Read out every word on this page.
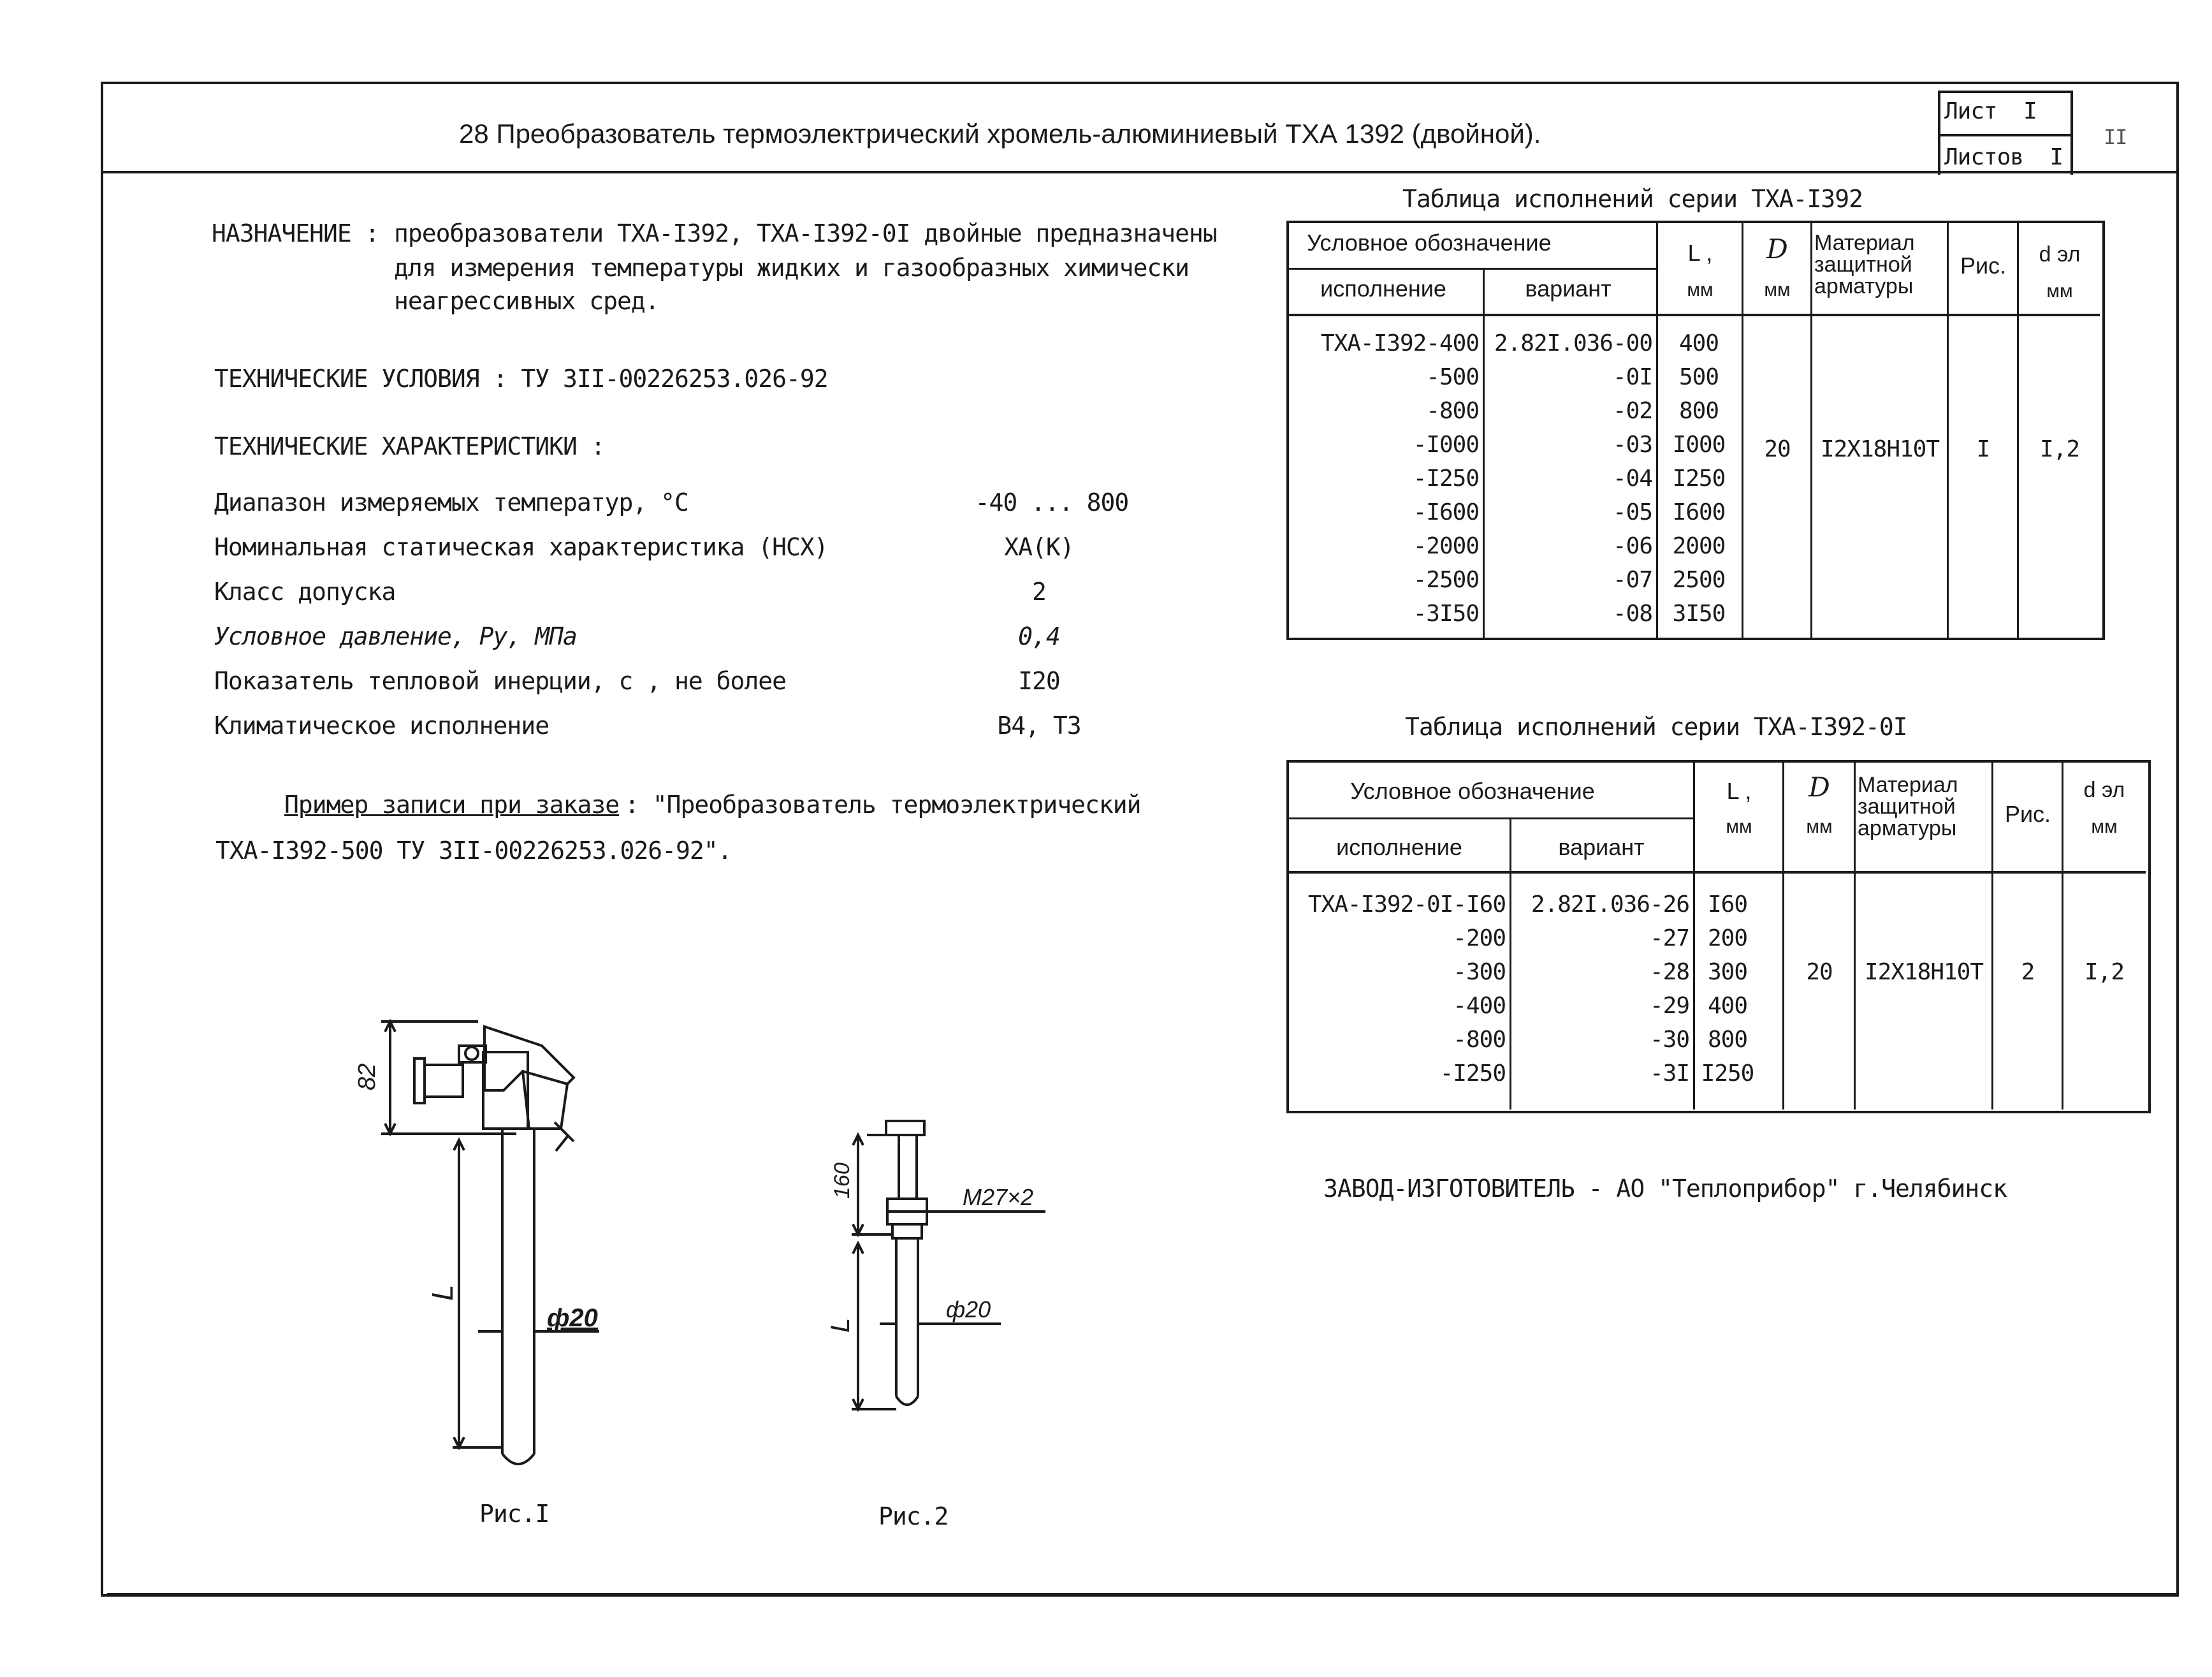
28 Преобразователь термоэлектрический хромель-алюминиевый ТХА 1392 (двойной).
Лист I
Листов I
II
НАЗНАЧЕНИЕ : преобразователи ТХА-I392, ТХА-I392-0I двойные предназначены
для измерения температуры жидких и газообразных химически
неагрессивных сред.
ТЕХНИЧЕСКИЕ УСЛОВИЯ : ТУ 3II-00226253.026-92
ТЕХНИЧЕСКИЕ ХАРАКТЕРИСТИКИ :
Диапазон измеряемых температур, °С	-40 ... 800
Номинальная статическая характеристика (НСХ)	ХА(К)
Класс допуска	2
Условное давление, Ру, МПа	0,4
Показатель тепловой инерции, с , не более	I20
Климатическое исполнение	В4, Т3
Пример записи при заказе : "Преобразователь термоэлектрический
ТХА-I392-500 ТУ 3II-00226253.026-92".
Таблица исполнений серии ТХА-I392
Условное обозначение
исполнение	вариант
L ,
мм
D
мм
Материал защитной арматуры
Рис.	d эл
мм
ТХА-I392-400 2.82I.036-00	400
-500	-0I	500
-800	-02	800
-I000	-03 I000
-I250	-04 I250
-I600	-05 I600
-2000	-06 2000
-2500	-07 2500
-3I50	-08 3I50
20	I2Х18Н10Т	I	I,2
Таблица исполнений серии ТХА-I392-0I
Условное обозначение
исполнение	вариант
L ,
мм
D
мм
Материал защитной арматуры
Рис.
d эл
мм
ТХА-I392-0I-I60	2.82I.036-26 I60
-200	-27 200
-300	-28 300
-400	-29 400
-800	-30 800
-I250	-3I I250
20	I2Х18Н10Т	2	I,2
ЗАВОД-ИЗГОТОВИТЕЛЬ - АО "Теплоприбор" г.Челябинск
82
L
ф20
Рис.I
160	М27×2
L
ф20
Рис.2
